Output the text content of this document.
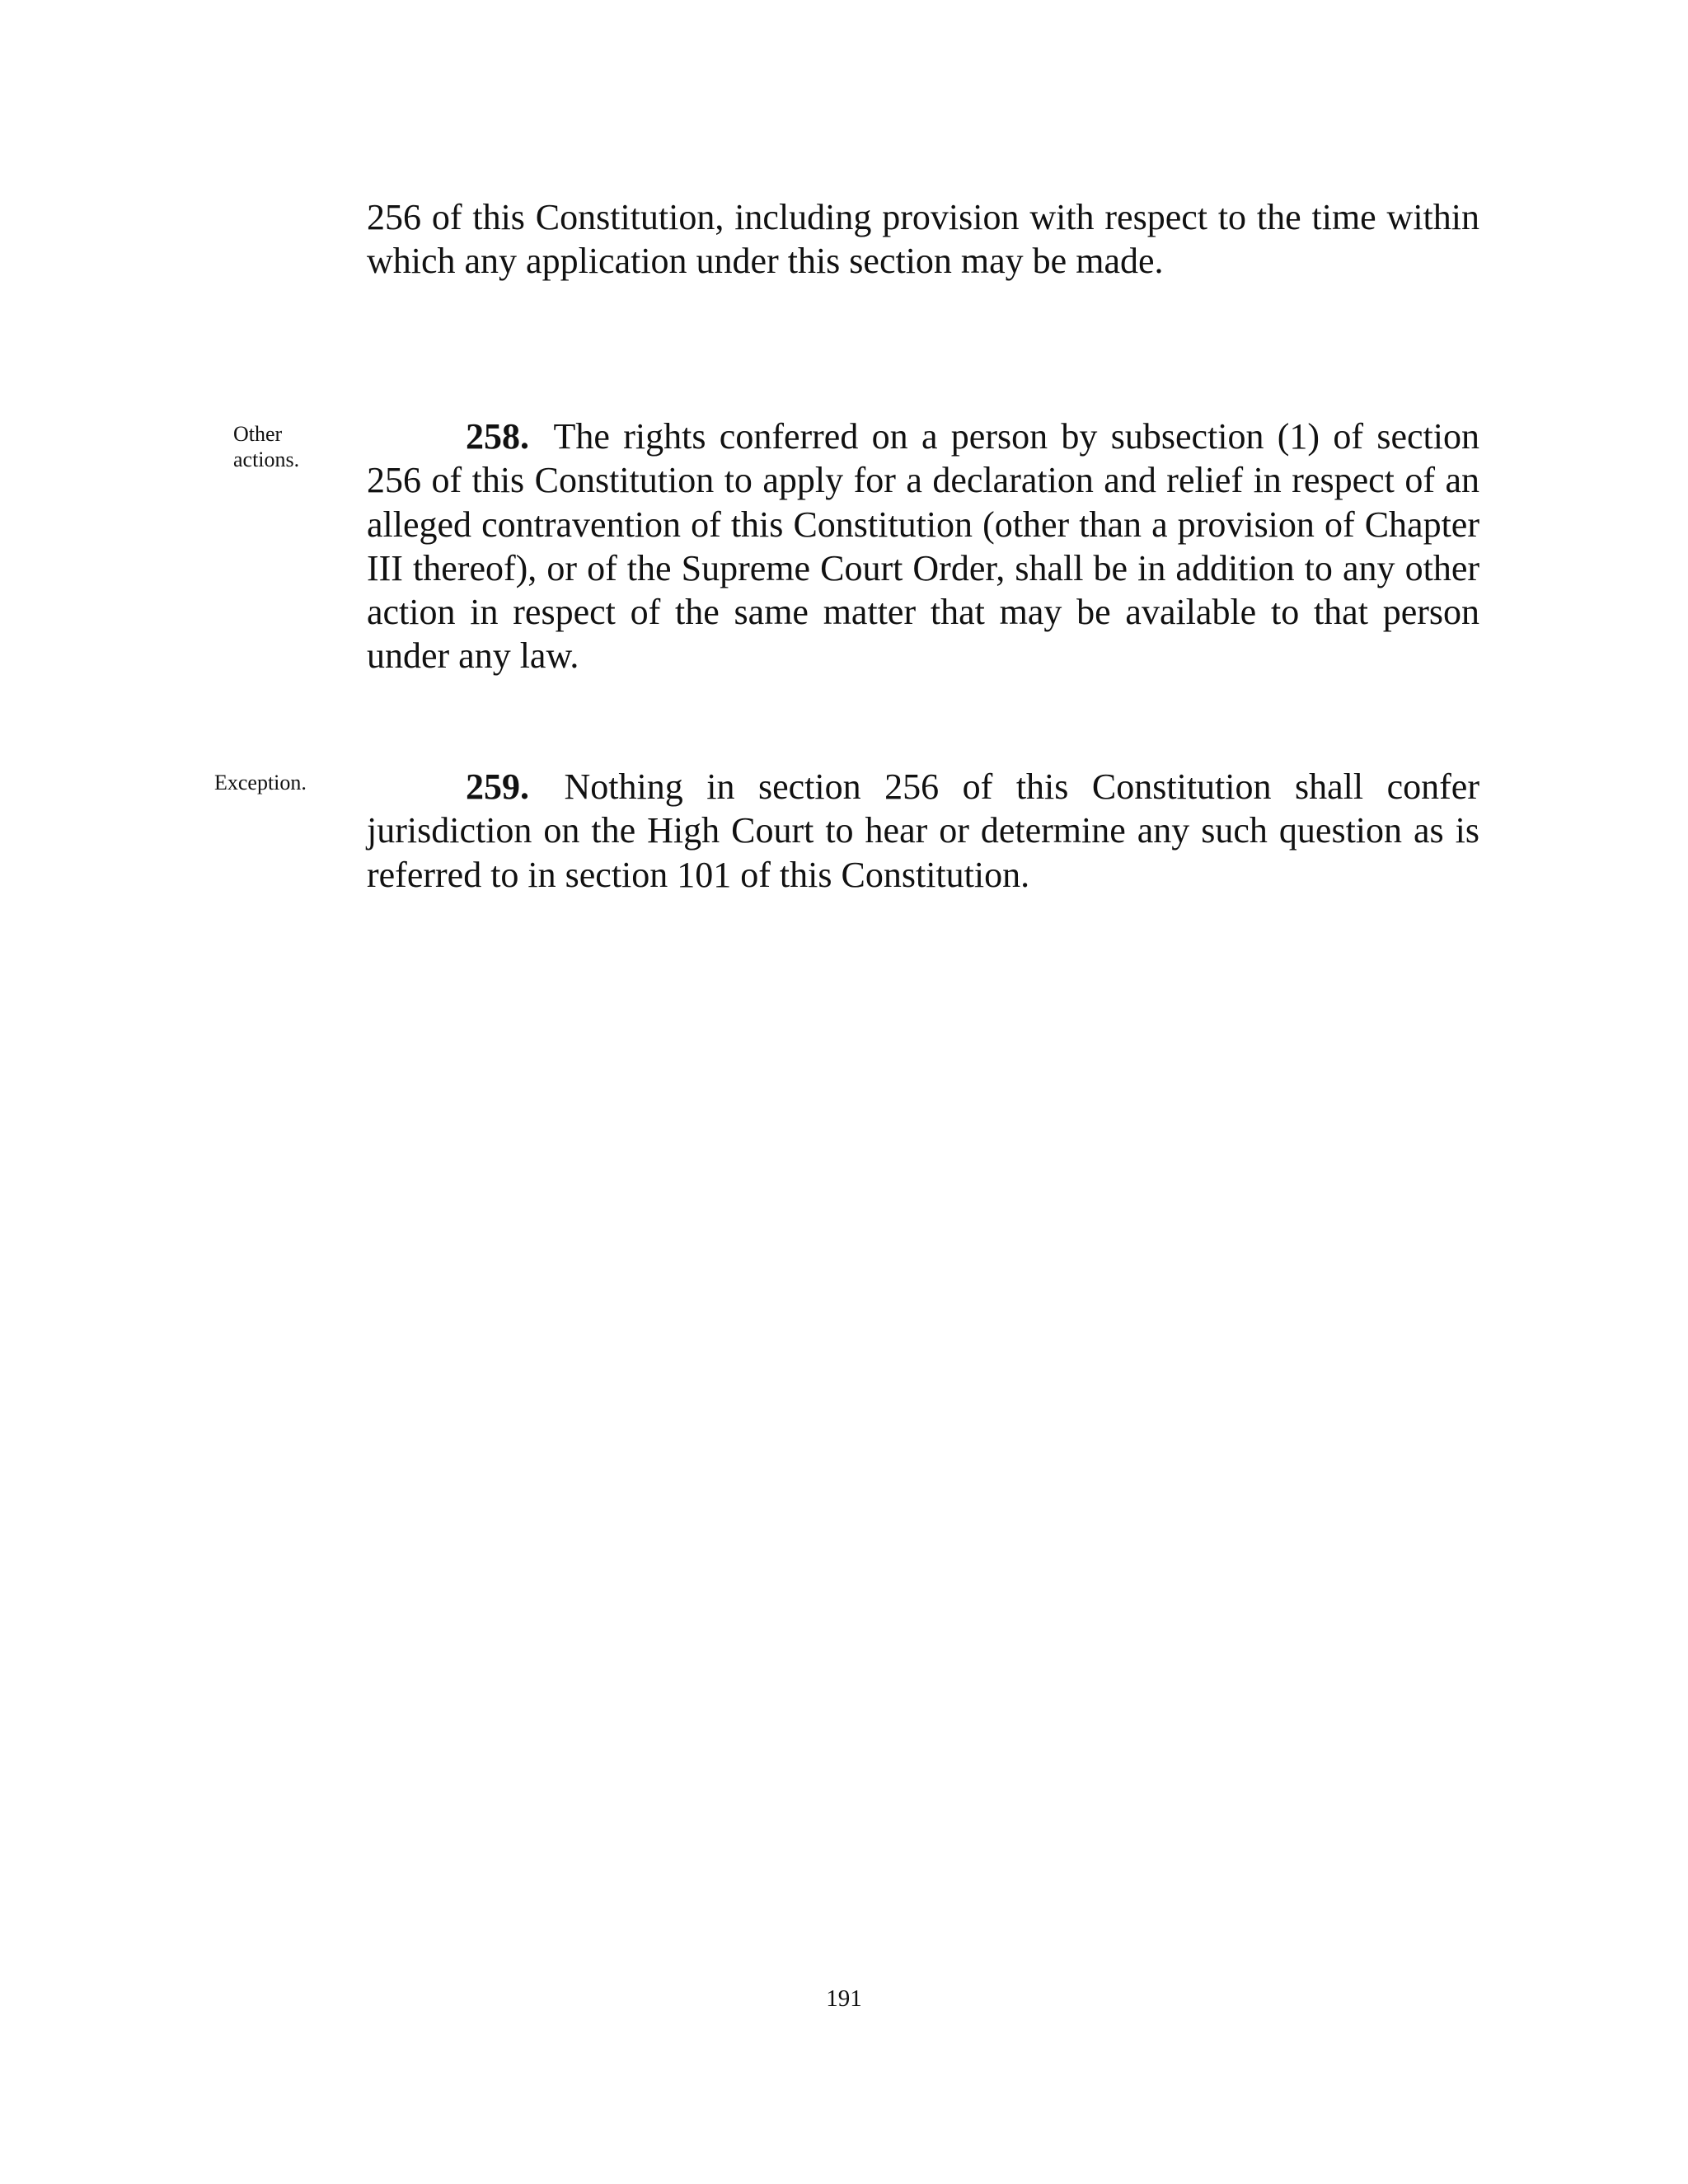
256 of this Constitution, including provision with respect to the time within which any application under this section may be made.

Other
actions.

258. The rights conferred on a person by subsection (1) of section 256 of this Constitution to apply for a declaration and relief in respect of an alleged contravention of this Constitution (other than a provision of Chapter III thereof), or of the Supreme Court Order, shall be in addition to any other action in respect of the same matter that may be available to that person under any law.

Exception.	259. Nothing in section 256 of this Constitution shall confer jurisdiction on the High Court to hear or determine any such question as is referred to in section 101 of this Constitution.

191
